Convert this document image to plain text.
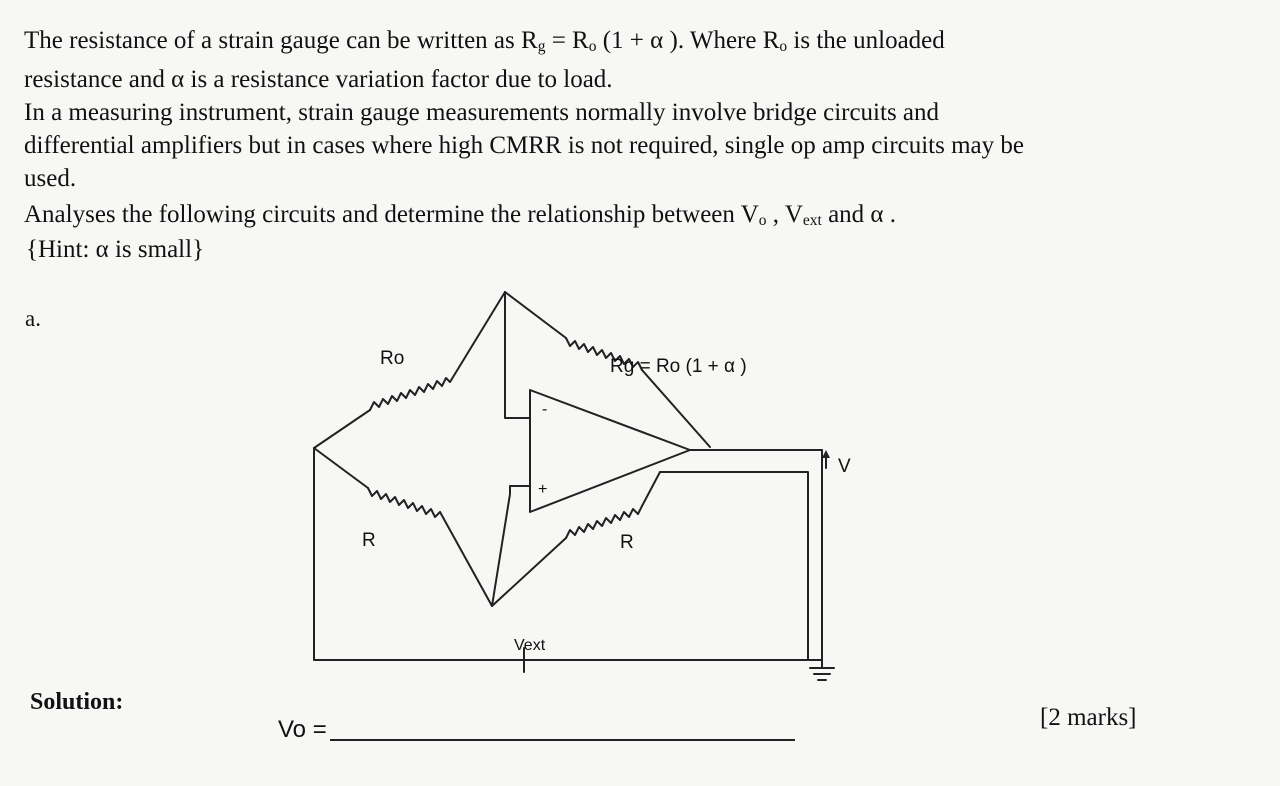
The resistance of a strain gauge can be written as $R_g = R_o$ (1 + α ). Where $R_o$ is the unloaded
resistance and α is a resistance variation factor due to load.
In a measuring instrument, strain gauge measurements normally involve bridge circuits and
differential amplifiers but in cases where high CMRR is not required, single op amp circuits may be
used.
Analyses the following circuits and determine the relationship between $V_o$ , $V_{ext}$ and α .
{Hint: α is small}
a.
Ro	Rg = Ro (1 + α )
R	R
V
Vext
-
+
Solution:
Vo =	[2 marks]
